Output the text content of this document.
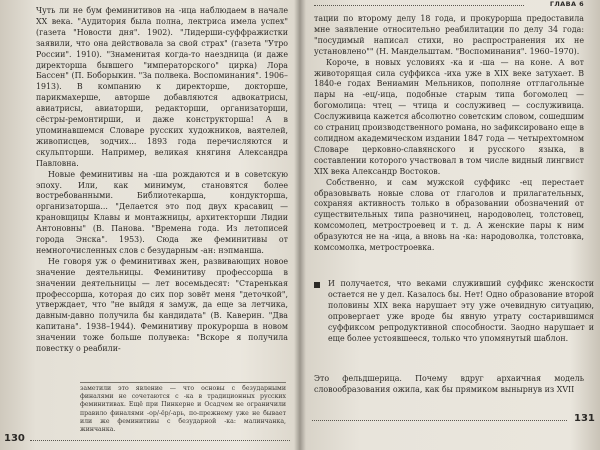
Чуть ли не бум феминитивов на -ица наблюдаем в начале XX века. "Аудитория была полна, лектриса имела успех" (газета "Новости дня". 1902). "Лидерши-суффражистки заявили, что она действовала за свой страх" (газета "Утро России". 1910). "Знаменитая когда-то наездница (и даже директорша бывшего "императорского" цирка) Лора Бассен" (П. Боборыкин. "За полвека. Воспоминания". 1906–1913). В компанию к директорше, докторше, парикмахерше, авторше добавляются адвокатрисы, авиатрисы, авиаторши, редакторши, организаторши, сёстры-ремонтирши, и даже конструкторша! А в упоминавшемся Словаре русских художников, ваятелей, живописцев, зодчих... 1893 года перечисляются и скульпторши. Например, великая княгиня Александра Павловна.

Новые феминитивы на -ша рождаются и в советскую эпоху. Или, как минимум, становятся более востребованными. Библиотекарша, кондукторша, организаторша... "Делается это под двух красавиц — крановщицы Клавы и монтажницы, архитекторши Лидии Антоновны" (В. Панова. "Времена года. Из летописей города Энска". 1953). Сюда же феминитивы от немногочисленных слов с безударным -ан: нэпманша.

Не говоря уж о феминитивах жен, развивающих новое значение деятельницы. Феминитиву профессорша в значении деятельницы — лет восемьдесят: "Старенькая профессорша, которая до сих пор зовёт меня "деточкой", утверждает, что "не выйдя я замуж, да еще за летчика, давным-давно получила бы кандидата" (В. Каверин. "Два капитана". 1938–1944). Феминитиву прокурорша в новом значении тоже больше полувека: "Вскоре я получила повестку о реабили-

заметили это явление — что основы с безударными финалями не сочетаются с -ка в традиционных русских феминитивах. Ещё при Пинкерне и Осадчем не ограничили правило финалями -ор/-ёр/-арь, по-прежнему уже не бывает или же феминитивы с безударной -ка: малинчанка, жинчанка.

ГЛАВА 6

тации по второму делу 18 года, и прокурорша предоставила мне заявление относительно реабилитации по делу 34 года: "посудимый написал стихи, но распространения их не установлено"" (Н. Мандельштам. "Воспоминания". 1960–1970).

Короче, в новых условиях -ка и -ша — на коне. А вот животорящая сила суффикса -иха уже в XIX веке затухает. В 1840-е годах Вениамин Мельников, пополняе отглагольные пары на -ец/-ица, подобные старым типа богомолец — богомолица: чтец — чтица и сослуживец — сослуживица. Сослуживица кажется абсолютно советским словом, сошедшим со страниц производственного романа, но зафиксировано еще в солидном академическом издании 1847 года — четырехтомном Словаре церковно-славянского и русского языка, в составлении которого участвовал в том числе видный лингвист XIX века Александр Востоков.

Собственно, и сам мужской суффикс -ец перестает образовывать новые слова от глаголов и прилагательных, сохраняя активность только в образовании обозначений от существительных типа разночинец, народоволец, толстовец, комсомолец, метростроевец и т. д. А женские пары к ним образуются не на -ица, а вновь на -ка: народоволка, толстовка, комсомолка, метростроевка.

И получается, что веками служивший суффикс женскости остается не у дел. Казалось бы. Нет! Одно образование второй половины XIX века нарушает эту уже очевидную ситуацию, опровергает уже вроде бы явную утрату состарившимся суффиксом репродуктивной способности. Заодно нарушает и еще более устоявшееся, только что упомянутый шаблон.

Это фельдшерица. Почему вдруг архаичная модель словообразования ожила, как бы прямиком вынырнув из XVII

130
131
